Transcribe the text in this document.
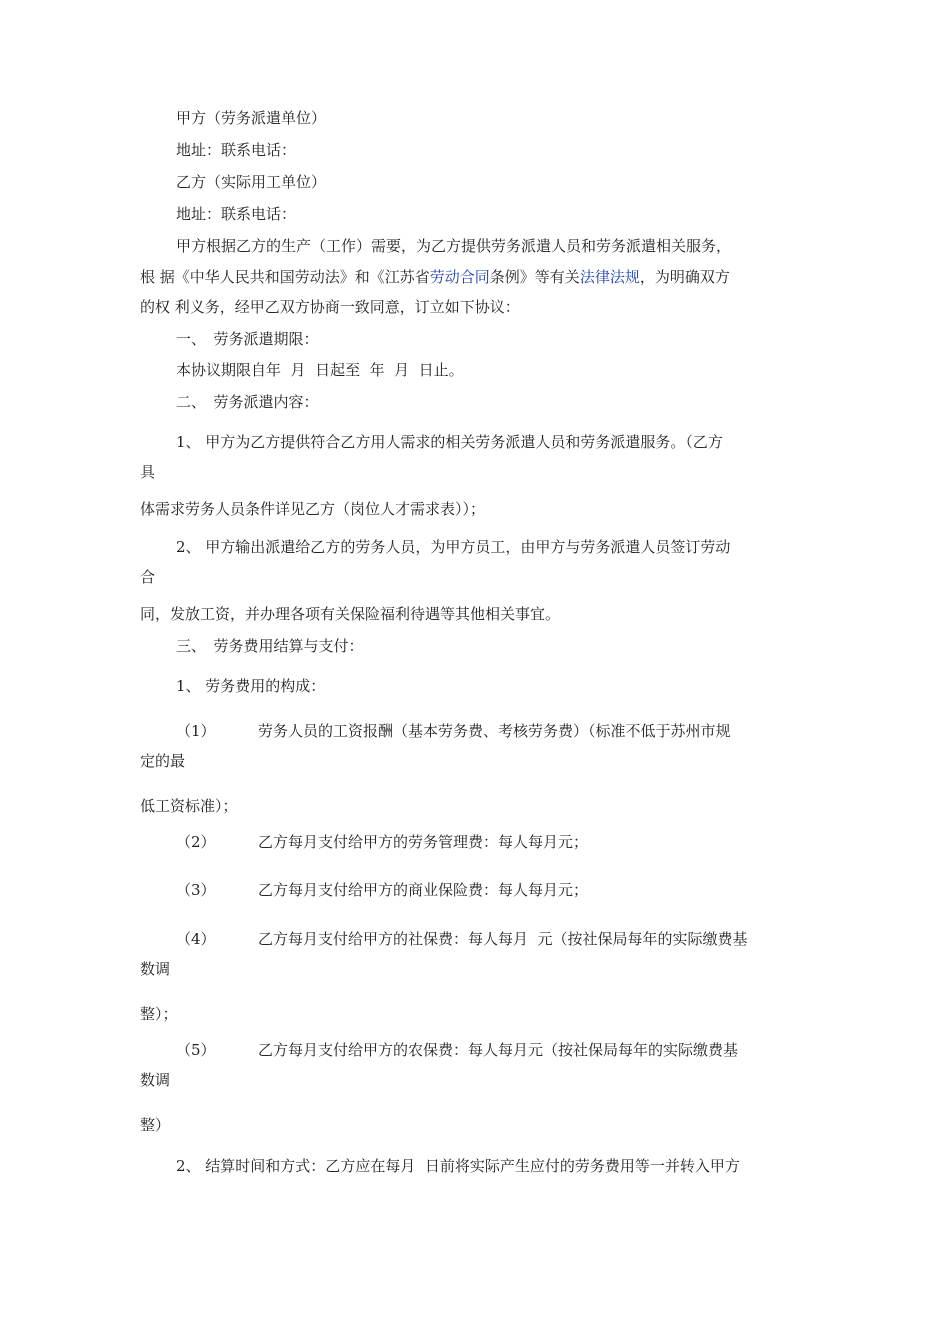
甲方（劳务派遣单位）
地址：联系电话：
乙方（实际用工单位）
地址：联系电话：
甲方根据乙方的生产（工作）需要，为乙方提供劳务派遣人员和劳务派遣相关服务，
根 据《中华人民共和国劳动法》和《江苏省劳动合同条例》等有关法律法规，为明确双方
的权 利义务，经甲乙双方协商一致同意，订立如下协议：
一、　劳务派遣期限：
本协议期限自年  月  日起至  年  月  日止。
二、　劳务派遣内容：
1、 甲方为乙方提供符合乙方用人需求的相关劳务派遣人员和劳务派遣服务。（乙方
具
体需求劳务人员条件详见乙方（岗位人才需求表））；
2、 甲方输出派遣给乙方的劳务人员，为甲方员工，由甲方与劳务派遣人员签订劳动
合
同，发放工资，并办理各项有关保险福利待遇等其他相关事宜。
三、　劳务费用结算与支付：
1、 劳务费用的构成：
（1）	劳务人员的工资报酬（基本劳务费、考核劳务费）（标准不低于苏州市规
定的最
低工资标准）；
（2）	乙方每月支付给甲方的劳务管理费：每人每月元；
（3）	乙方每月支付给甲方的商业保险费：每人每月元；
（4）	乙方每月支付给甲方的社保费：每人每月  元（按社保局每年的实际缴费基
数调
整）；
（5）	乙方每月支付给甲方的农保费：每人每月元（按社保局每年的实际缴费基
数调
整）
2、 结算时间和方式：乙方应在每月  日前将实际产生应付的劳务费用等一并转入甲方
